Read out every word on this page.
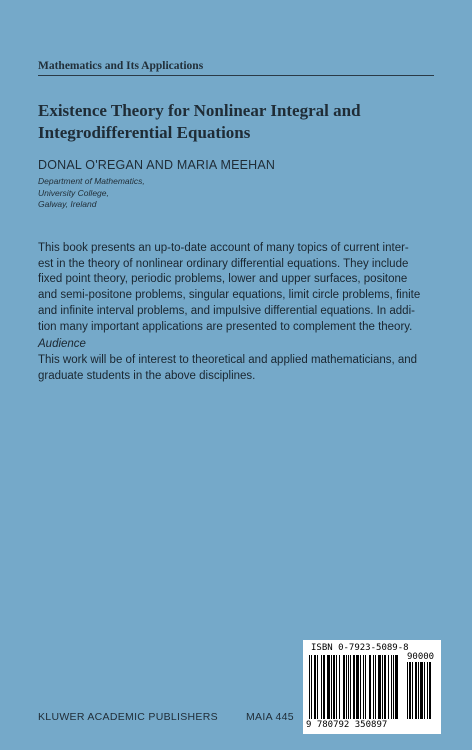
Mathematics and Its Applications
Existence Theory for Nonlinear Integral and
Integrodifferential Equations
DONAL O'REGAN AND MARIA MEEHAN
Department of Mathematics,
University College,
Galway, Ireland
This book presents an up-to-date account of many topics of current inter-
est in the theory of nonlinear ordinary differential equations. They include
fixed point theory, periodic problems, lower and upper surfaces, positone
and semi-positone problems, singular equations, limit circle problems, finite
and infinite interval problems, and impulsive differential equations. In addi-
tion many important applications are presented to complement the theory.
Audience
This work will be of interest to theoretical and applied mathematicians, and
graduate students in the above disciplines.
KLUWER ACADEMIC PUBLISHERS	MAIA 445
ISBN 0-7923-5089-8
90000
9 780792 350897
